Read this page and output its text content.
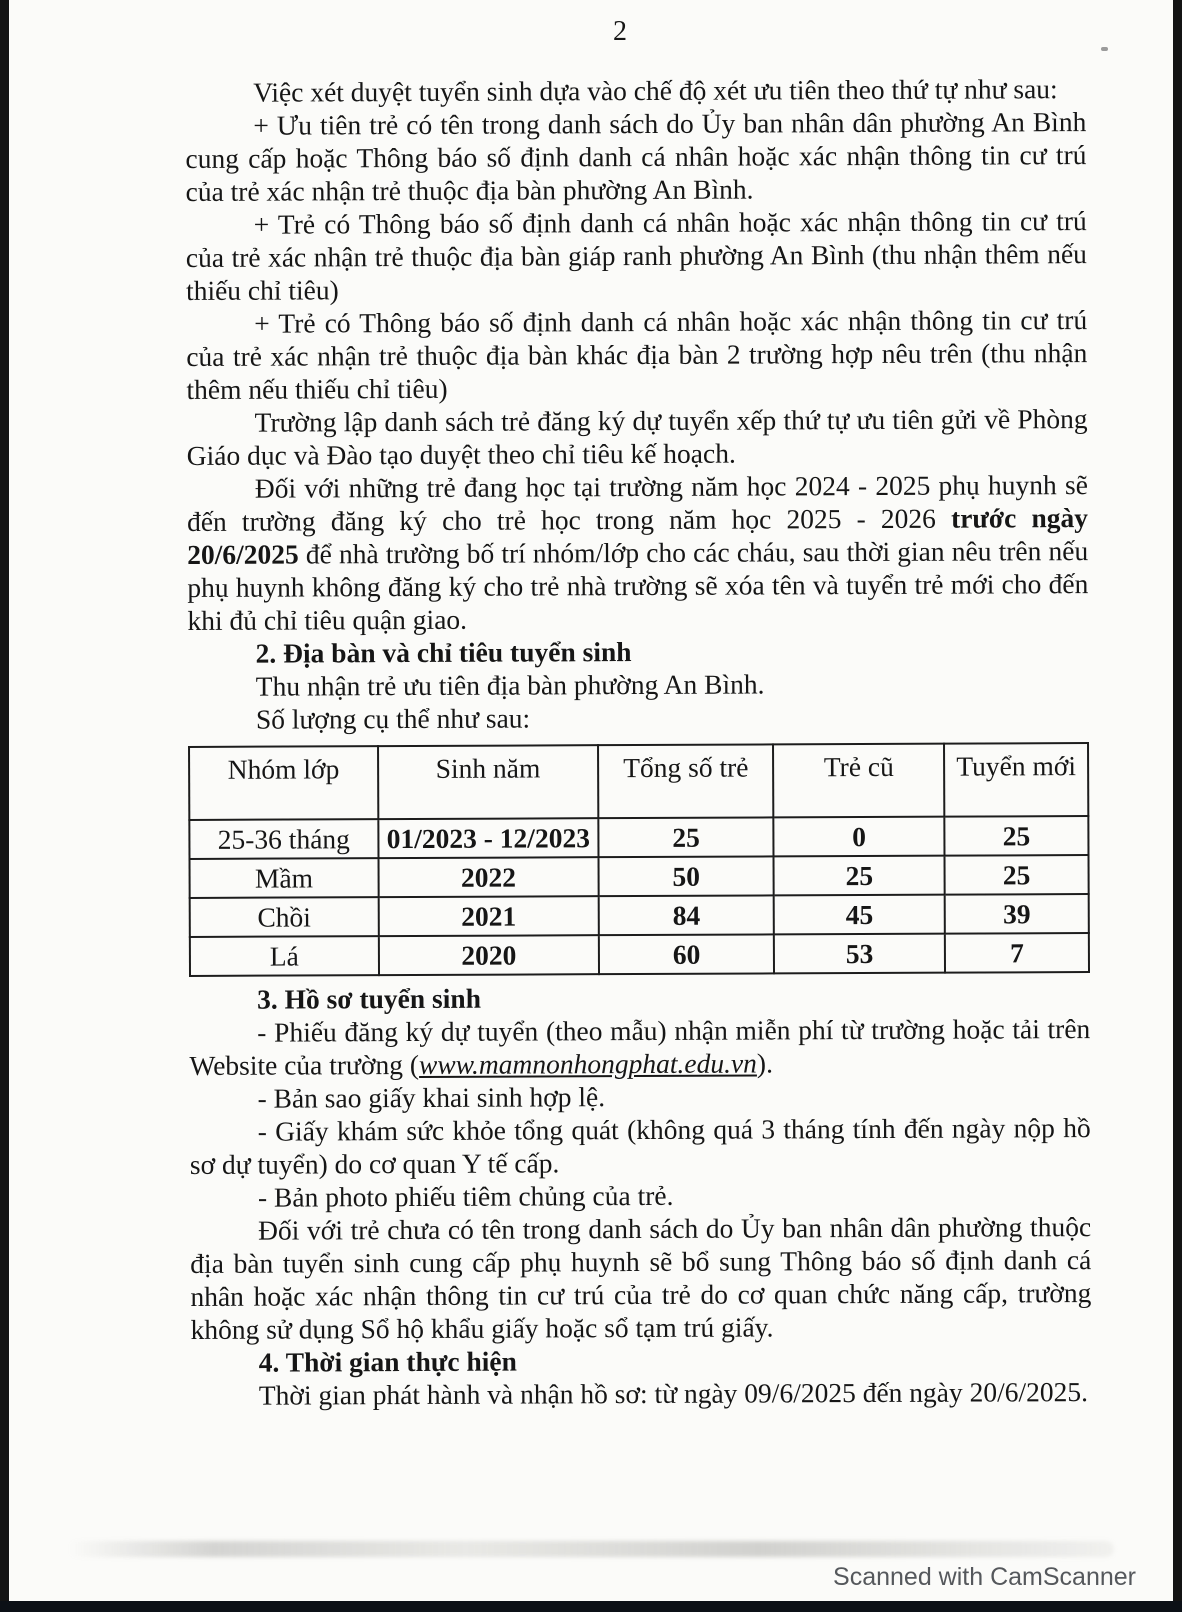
2

Việc xét duyệt tuyển sinh dựa vào chế độ xét ưu tiên theo thứ tự như sau:

+ Ưu tiên trẻ có tên trong danh sách do Ủy ban nhân dân phường An Bình cung cấp hoặc Thông báo số định danh cá nhân hoặc xác nhận thông tin cư trú của trẻ xác nhận trẻ thuộc địa bàn phường An Bình.

+ Trẻ có Thông báo số định danh cá nhân hoặc xác nhận thông tin cư trú của trẻ xác nhận trẻ thuộc địa bàn giáp ranh phường An Bình (thu nhận thêm nếu thiếu chỉ tiêu)

+ Trẻ có Thông báo số định danh cá nhân hoặc xác nhận thông tin cư trú của trẻ xác nhận trẻ thuộc địa bàn khác địa bàn 2 trường hợp nêu trên (thu nhận thêm nếu thiếu chỉ tiêu)

Trường lập danh sách trẻ đăng ký dự tuyển xếp thứ tự ưu tiên gửi về Phòng Giáo dục và Đào tạo duyệt theo chỉ tiêu kế hoạch.

Đối với những trẻ đang học tại trường năm học 2024 - 2025 phụ huynh sẽ đến trường đăng ký cho trẻ học trong năm học 2025 - 2026 trước ngày 20/6/2025 để nhà trường bố trí nhóm/lớp cho các cháu, sau thời gian nêu trên nếu phụ huynh không đăng ký cho trẻ nhà trường sẽ xóa tên và tuyển trẻ mới cho đến khi đủ chỉ tiêu quận giao.

2. Địa bàn và chỉ tiêu tuyển sinh

Thu nhận trẻ ưu tiên địa bàn phường An Bình.

Số lượng cụ thể như sau:

Nhóm lớp	Sinh năm	Tổng số trẻ	Trẻ cũ	Tuyển mới
25-36 tháng	01/2023 - 12/2023	25	0	25
Mầm	2022	50	25	25
Chồi	2021	84	45	39
Lá	2020	60	53	7

3. Hồ sơ tuyển sinh

- Phiếu đăng ký dự tuyển (theo mẫu) nhận miễn phí từ trường hoặc tải trên Website của trường (www.mamnonhongphat.edu.vn).

- Bản sao giấy khai sinh hợp lệ.

- Giấy khám sức khỏe tổng quát (không quá 3 tháng tính đến ngày nộp hồ sơ dự tuyển) do cơ quan Y tế cấp.

- Bản photo phiếu tiêm chủng của trẻ.

Đối với trẻ chưa có tên trong danh sách do Ủy ban nhân dân phường thuộc địa bàn tuyển sinh cung cấp phụ huynh sẽ bổ sung Thông báo số định danh cá nhân hoặc xác nhận thông tin cư trú của trẻ do cơ quan chức năng cấp, trường không sử dụng Sổ hộ khẩu giấy hoặc sổ tạm trú giấy.

4. Thời gian thực hiện

Thời gian phát hành và nhận hồ sơ: từ ngày 09/6/2025 đến ngày 20/6/2025.

Scanned with CamScanner
